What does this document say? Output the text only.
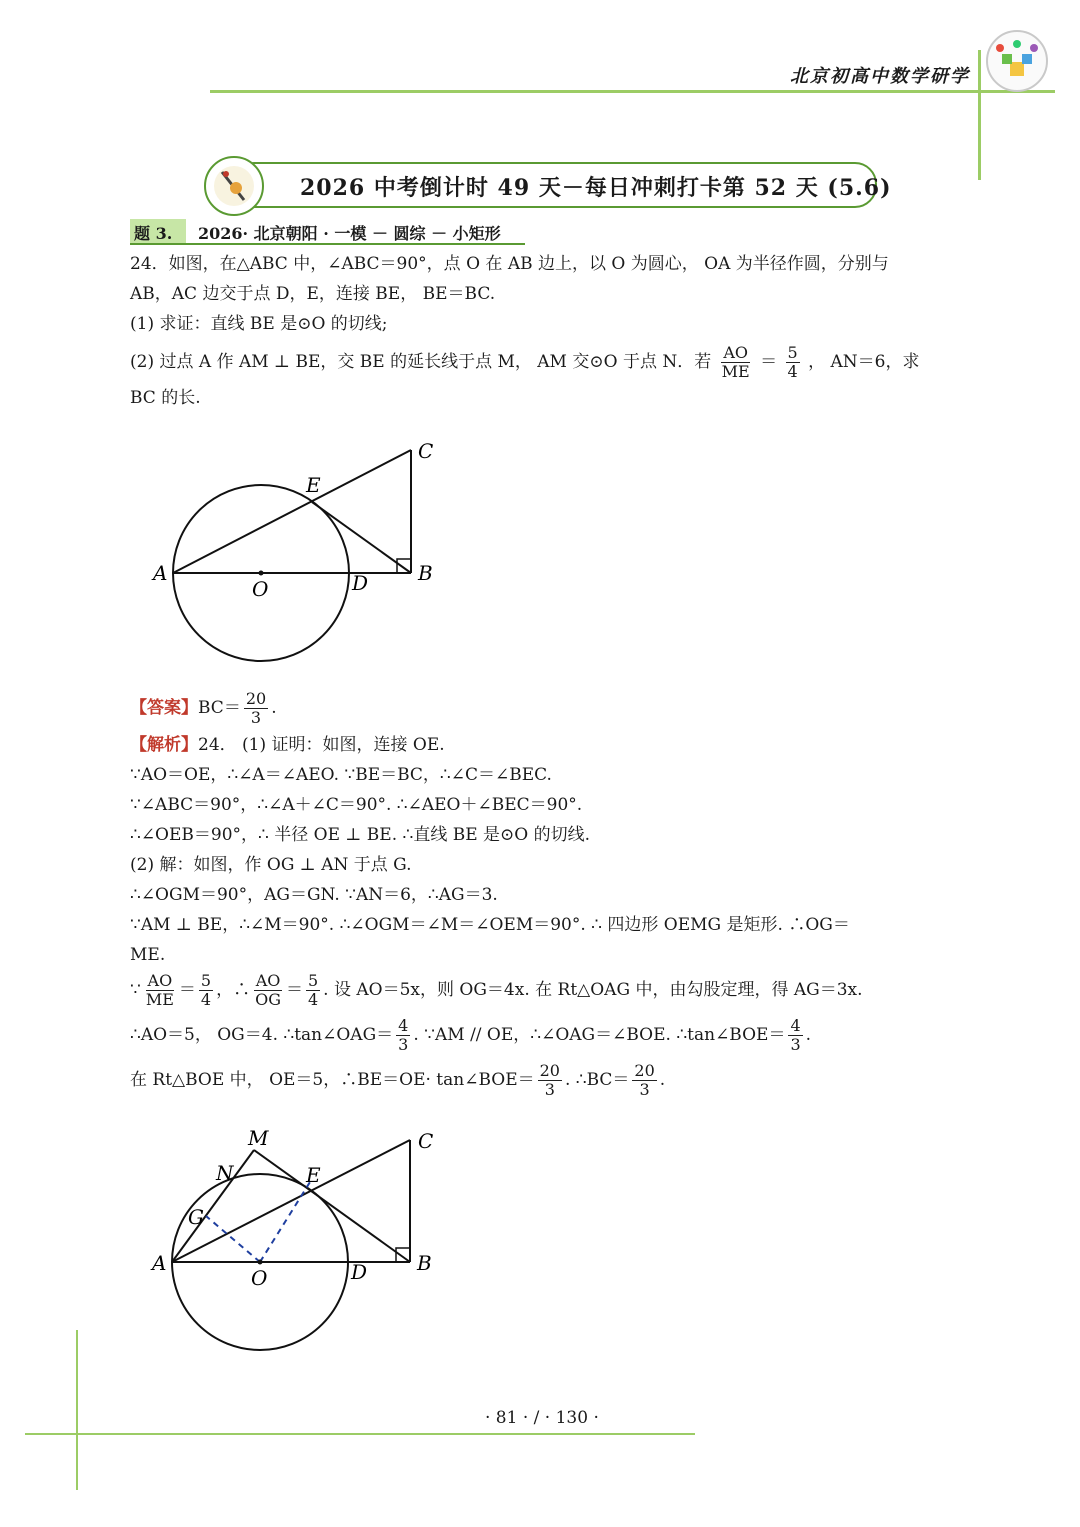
北京初高中数学研学
2026 中考倒计时 49 天－每日冲刺打卡第 52 天 (5.6)
题 3. 2026· 北京朝阳 · 一模 － 圆综 － 小矩形
24．如图，在△ABC 中，∠ABC＝90°，点 O 在 AB 边上，以 O 为圆心， OA 为半径作圆，分别与
AB，AC 边交于点 D，E，连接 BE， BE＝BC.
(1) 求证：直线 BE 是⊙O 的切线;
(2) 过点 A 作 AM ⊥ BE，交 BE 的延长线于点 M， AM 交⊙O 于点 N．若 $\frac{AO}{ME} = \frac{5}{4}$ ， AN＝6，求
BC 的长.
A
O	D B
C
E
【答案】$BC= \frac{20}{3}$ .
【解析】24． (1) 证明：如图，连接 OE.
∵AO＝OE，∴∠A＝∠AEO. ∵BE＝BC，∴∠C＝∠BEC.
∵∠ABC＝90°，∴∠A＋∠C＝90°. ∴∠AEO＋∠BEC＝90°.
∴∠OEB＝90°，∴ 半径 OE ⊥ BE. ∴直线 BE 是⊙O 的切线.
(2) 解：如图，作 OG ⊥ AN 于点 G.
∴∠OGM＝90°，AG＝GN. ∵AN＝6，∴AG＝3.
∵AM ⊥ BE，∴∠M＝90°. ∴∠OGM＝∠M＝∠OEM＝90°. ∴ 四边形 OEMG 是矩形. ∴OG＝
ME.
∵ $\frac{AO}{ME} = \frac{5}{4}$ ，∴ $\frac{AO}{OG} = \frac{5}{4}$ . 设 AO＝5x，则 OG＝4x. 在 Rt△OAG 中，由勾股定理，得 AG＝3x.
∴AO＝5， OG＝4. ∴tan∠OAG＝ $\frac{4}{3}$ . ∵AM // OE，∴∠OAG＝∠BOE. ∴tan∠BOE＝ $\frac{4}{3}$ .
在 Rt△BOE 中， OE＝5，∴BE＝OE· tan∠BOE＝ $\frac{20}{3}$ . ∴BC＝ $\frac{20}{3}$ .
M
N	E
C
G
A
O	D B
· 81 · / · 130 ·
